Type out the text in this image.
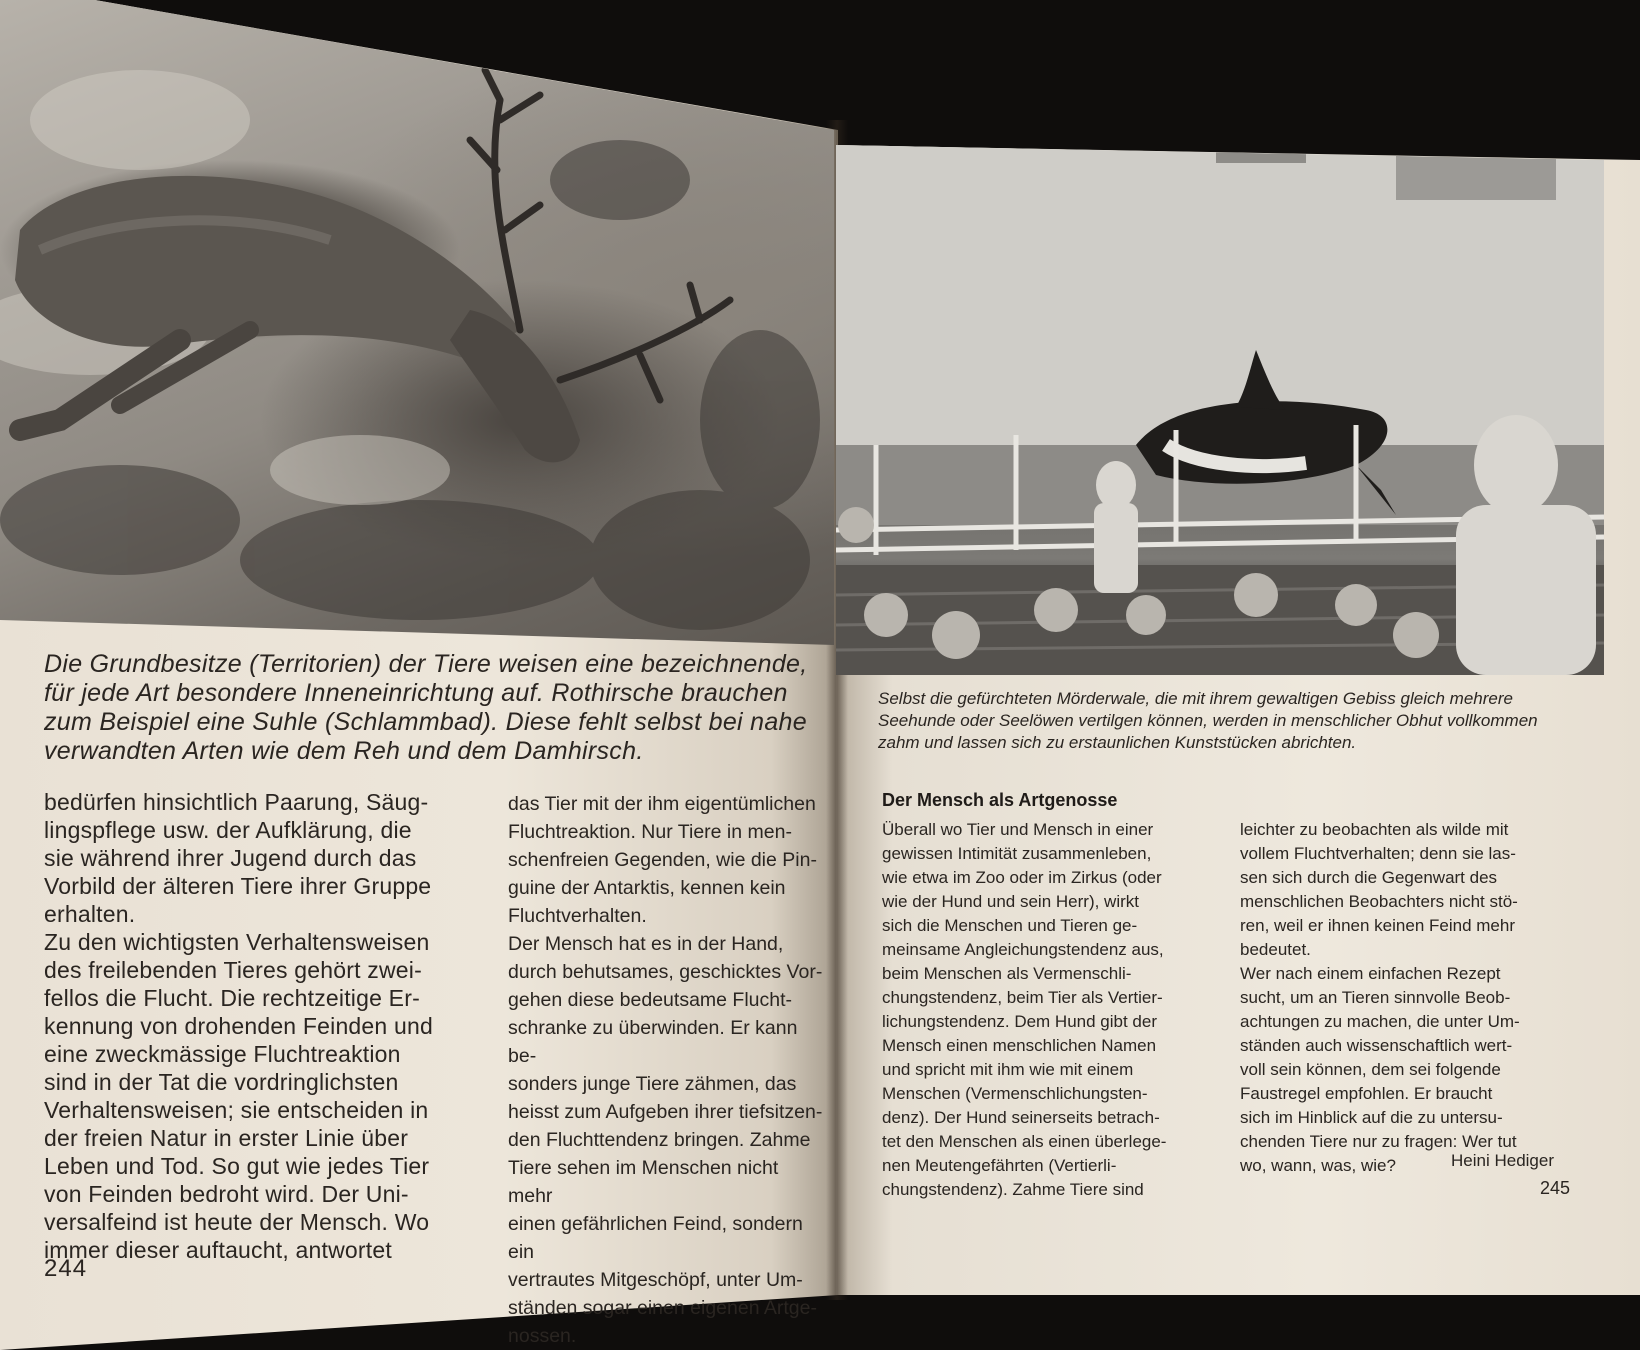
Die Grundbesitze (Territorien) der Tiere weisen eine bezeichnende, für jede Art besondere Inneneinrichtung auf. Rothirsche brauchen zum Beispiel eine Suhle (Schlammbad). Diese fehlt selbst bei nahe verwandten Arten wie dem Reh und dem Damhirsch.

Selbst die gefürchteten Mörderwale, die mit ihrem gewaltigen Gebiss gleich mehrere Seehunde oder Seelöwen vertilgen können, werden in menschlicher Obhut vollkommen zahm und lassen sich zu erstaunlichen Kunststücken abrichten.

bedürfen hinsichtlich Paarung, Säug-
lingspflege usw. der Aufklärung, die
sie während ihrer Jugend durch das
Vorbild der älteren Tiere ihrer Gruppe
erhalten.
Zu den wichtigsten Verhaltensweisen
des freilebenden Tieres gehört zwei-
fellos die Flucht. Die rechtzeitige Er-
kennung von drohenden Feinden und
eine zweckmässige Fluchtreaktion
sind in der Tat die vordringlichsten
Verhaltensweisen; sie entscheiden in
der freien Natur in erster Linie über
Leben und Tod. So gut wie jedes Tier
von Feinden bedroht wird. Der Uni-
versalfeind ist heute der Mensch. Wo
immer dieser auftaucht, antwortet

das Tier mit der ihm eigentümlichen
Fluchtreaktion. Nur Tiere in men-
schenfreien Gegenden, wie die Pin-
guine der Antarktis, kennen kein
Fluchtverhalten.
Der Mensch hat es in der Hand,
durch behutsames, geschicktes Vor-
gehen diese bedeutsame Flucht-
schranke zu überwinden. Er kann be-
sonders junge Tiere zähmen, das
heisst zum Aufgeben ihrer tiefsitzen-
den Fluchttendenz bringen. Zahme
Tiere sehen im Menschen nicht mehr
einen gefährlichen Feind, sondern ein
vertrautes Mitgeschöpf, unter Um-
ständen sogar einen eigenen Artge-
nossen.

Der Mensch als Artgenosse

Überall wo Tier und Mensch in einer
gewissen Intimität zusammenleben,
wie etwa im Zoo oder im Zirkus (oder
wie der Hund und sein Herr), wirkt
sich die Menschen und Tieren ge-
meinsame Angleichungstendenz aus,
beim Menschen als Vermenschli-
chungstendenz, beim Tier als Vertier-
lichungstendenz. Dem Hund gibt der
Mensch einen menschlichen Namen
und spricht mit ihm wie mit einem
Menschen (Vermenschlichungsten-
denz). Der Hund seinerseits betrach-
tet den Menschen als einen überlege-
nen Meutengefährten (Vertierli-
chungstendenz). Zahme Tiere sind

leichter zu beobachten als wilde mit
vollem Fluchtverhalten; denn sie las-
sen sich durch die Gegenwart des
menschlichen Beobachters nicht stö-
ren, weil er ihnen keinen Feind mehr
bedeutet.
Wer nach einem einfachen Rezept
sucht, um an Tieren sinnvolle Beob-
achtungen zu machen, die unter Um-
ständen auch wissenschaftlich wert-
voll sein können, dem sei folgende
Faustregel empfohlen. Er braucht
sich im Hinblick auf die zu untersu-
chenden Tiere nur zu fragen: Wer tut
wo, wann, was, wie?	Heini Hediger
244
245
